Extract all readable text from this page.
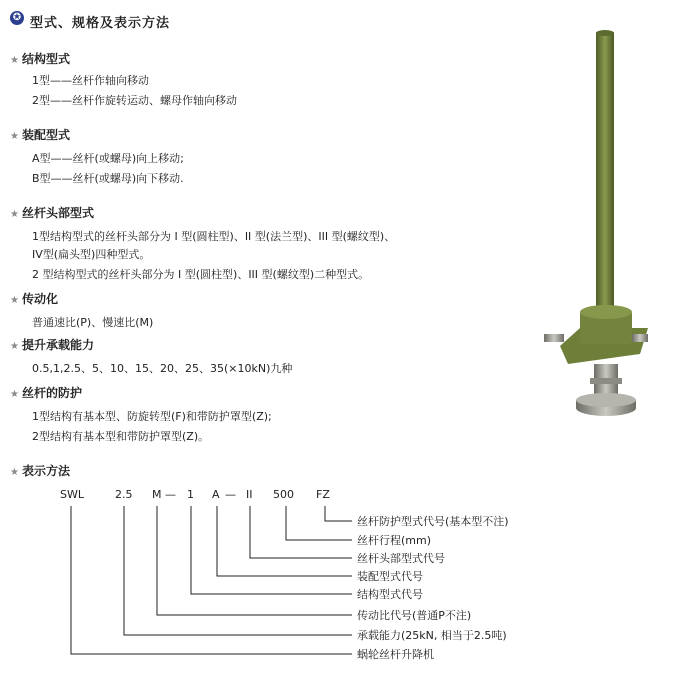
✪ 型式、规格及表示方法
★ 结构型式
1型——丝杆作轴向移动
2型——丝杆作旋转运动、螺母作轴向移动
★ 装配型式
A型——丝杆(或螺母)向上移动;
B型——丝杆(或螺母)向下移动.
★ 丝杆头部型式
1型结构型式的丝杆头部分为 I 型(圆柱型)、II 型(法兰型)、III 型(螺纹型)、
IV型(扁头型)四种型式。
2 型结构型式的丝杆头部分为 I 型(圆柱型)、III 型(螺纹型)二种型式。
★ 传动化
普通速比(P)、慢速比(M)
★ 提升承载能力
0.5,1,2.5、5、10、15、20、25、35(×10kN)九种
★ 丝杆的防护
1型结构有基本型、防旋转型(F)和带防护罩型(Z);
2型结构有基本型和带防护罩型(Z)。
★ 表示方法
SWL	2.5 M — 1 A — II 500 FZ
丝杆防护型式代号(基本型不注)
丝杆行程(mm)
丝杆头部型式代号
装配型式代号
结构型式代号
传动比代号(普通P不注)
承载能力(25kN, 相当于2.5吨)
蜗轮丝杆升降机
